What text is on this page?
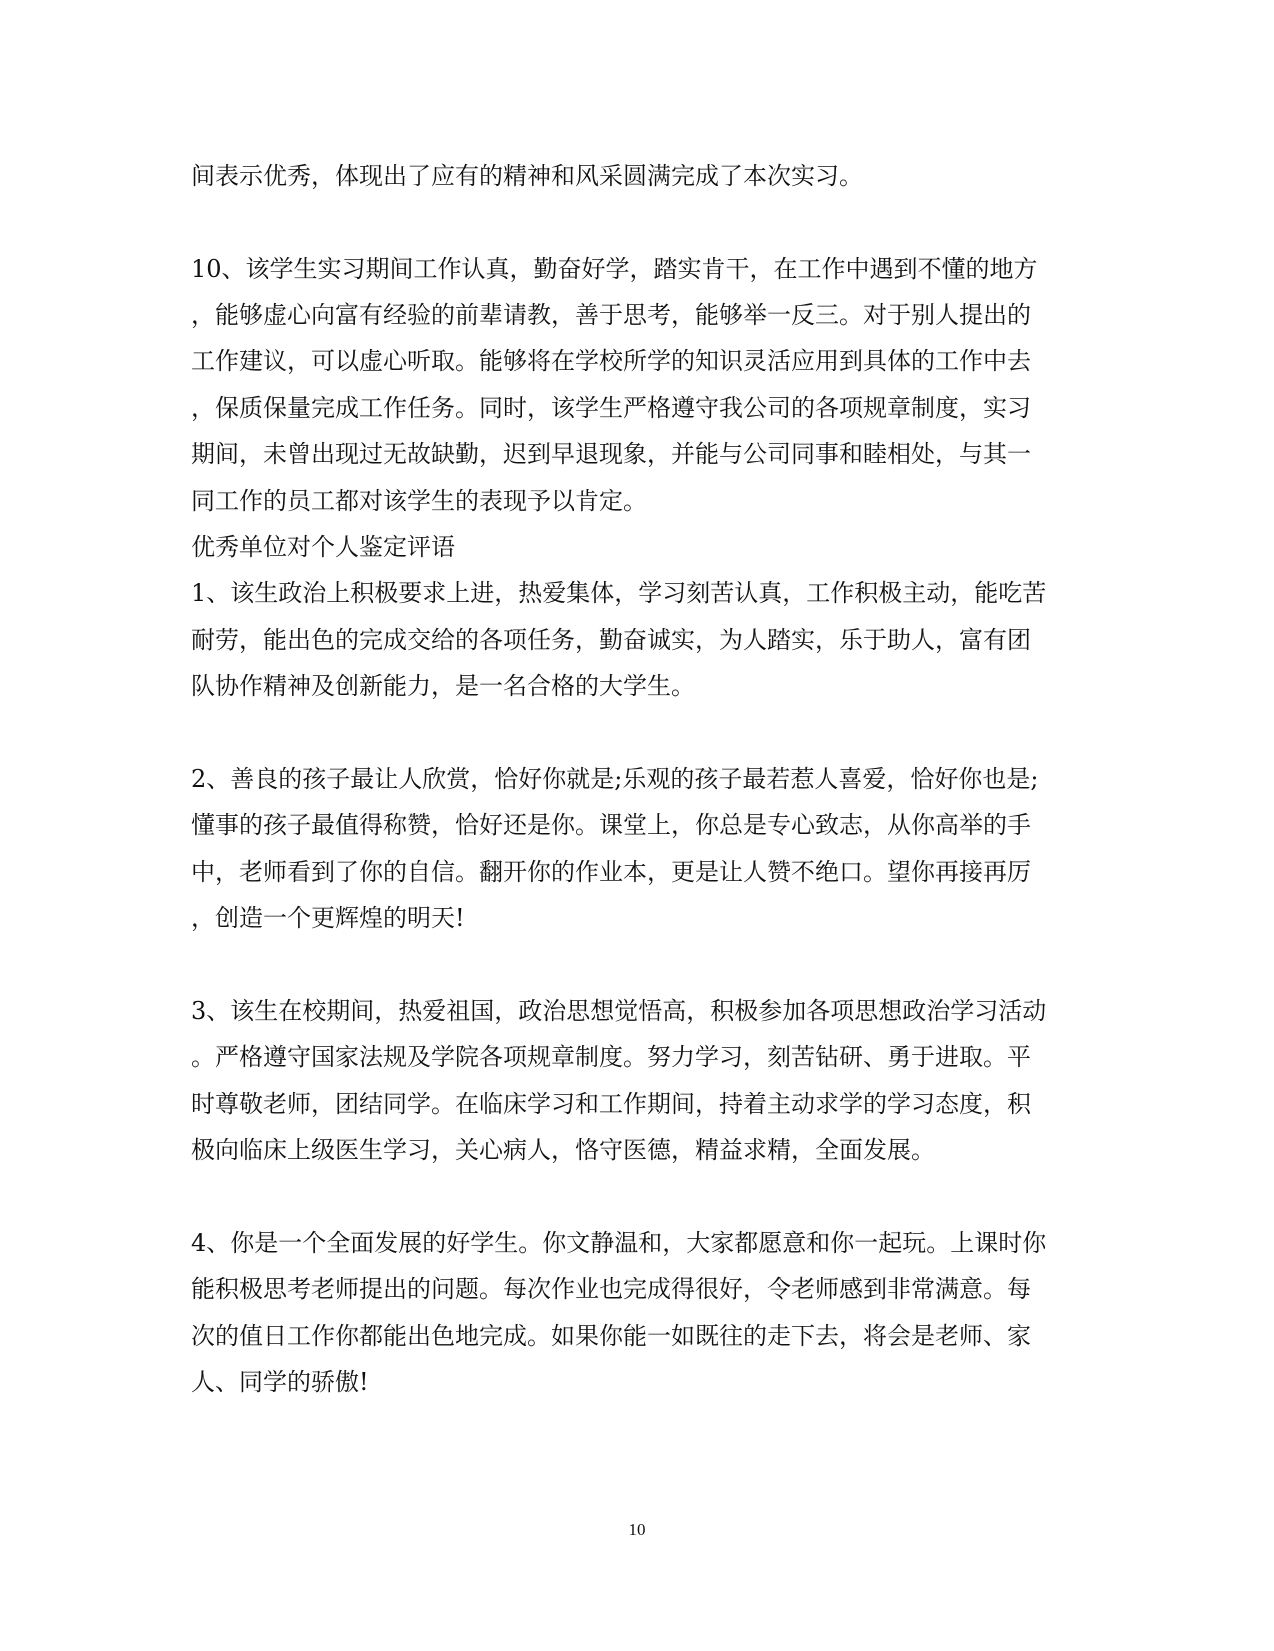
间表示优秀，体现出了应有的精神和风采圆满完成了本次实习。
10、该学生实习期间工作认真，勤奋好学，踏实肯干，在工作中遇到不懂的地方
，能够虚心向富有经验的前辈请教，善于思考，能够举一反三。对于别人提出的
工作建议，可以虚心听取。能够将在学校所学的知识灵活应用到具体的工作中去
，保质保量完成工作任务。同时，该学生严格遵守我公司的各项规章制度，实习
期间，未曾出现过无故缺勤，迟到早退现象，并能与公司同事和睦相处，与其一
同工作的员工都对该学生的表现予以肯定。
优秀单位对个人鉴定评语
1、该生政治上积极要求上进，热爱集体，学习刻苦认真，工作积极主动，能吃苦
耐劳，能出色的完成交给的各项任务，勤奋诚实，为人踏实，乐于助人，富有团
队协作精神及创新能力，是一名合格的大学生。
2、善良的孩子最让人欣赏，恰好你就是;乐观的孩子最若惹人喜爱，恰好你也是;
懂事的孩子最值得称赞，恰好还是你。课堂上，你总是专心致志，从你高举的手
中，老师看到了你的自信。翻开你的作业本，更是让人赞不绝口。望你再接再厉
，创造一个更辉煌的明天!
3、该生在校期间，热爱祖国，政治思想觉悟高，积极参加各项思想政治学习活动
。严格遵守国家法规及学院各项规章制度。努力学习，刻苦钻研、勇于进取。平
时尊敬老师，团结同学。在临床学习和工作期间，持着主动求学的学习态度，积
极向临床上级医生学习，关心病人，恪守医德，精益求精，全面发展。
4、你是一个全面发展的好学生。你文静温和，大家都愿意和你一起玩。上课时你
能积极思考老师提出的问题。每次作业也完成得很好，令老师感到非常满意。每
次的值日工作你都能出色地完成。如果你能一如既往的走下去，将会是老师、家
人、同学的骄傲!
10
